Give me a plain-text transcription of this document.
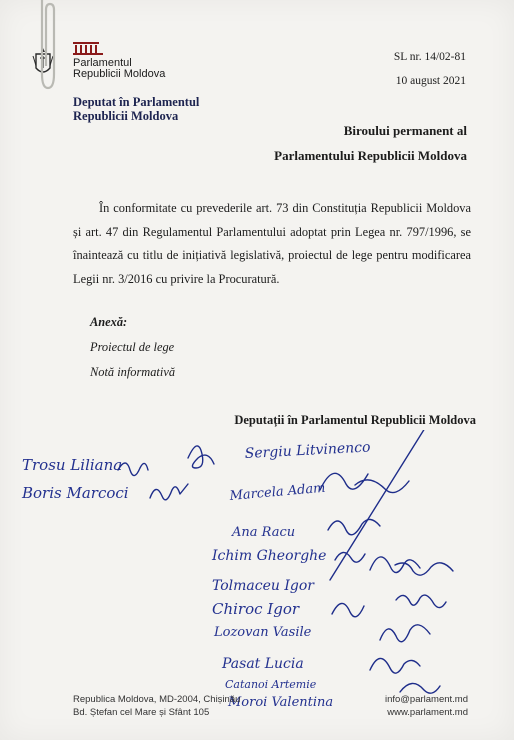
Parlamentul
Republicii Moldova
Deputat în Parlamentul
Republicii Moldova
SL nr. 14/02-81
10 august 2021
Biroului permanent al
Parlamentului Republicii Moldova

În conformitate cu prevederile art. 73 din Constituția Republicii Moldova și art. 47 din Regulamentul Parlamentului adoptat prin Legea nr. 797/1996, se înaintează cu titlu de inițiativă legislativă, proiectul de lege pentru modificarea Legii nr. 3/2016 cu privire la Procuratură.

Anexă:
Proiectul de lege
Notă informativă
Deputații în Parlamentul Republicii Moldova
Trosu Liliana
Sergiu Litvinenco
Boris Marcoci	Marcela Adam
Ana Racu
Ichim Gheorghe
Tolmaceu Igor
Chiroc Igor
Lozovan Vasile
Pasat Lucia
Catanoi Artemie
Moroi Valentina
Republica Moldova, MD-2004, Chișinău
Bd. Ștefan cel Mare și Sfânt 105
info@parlament.md
www.parlament.md
